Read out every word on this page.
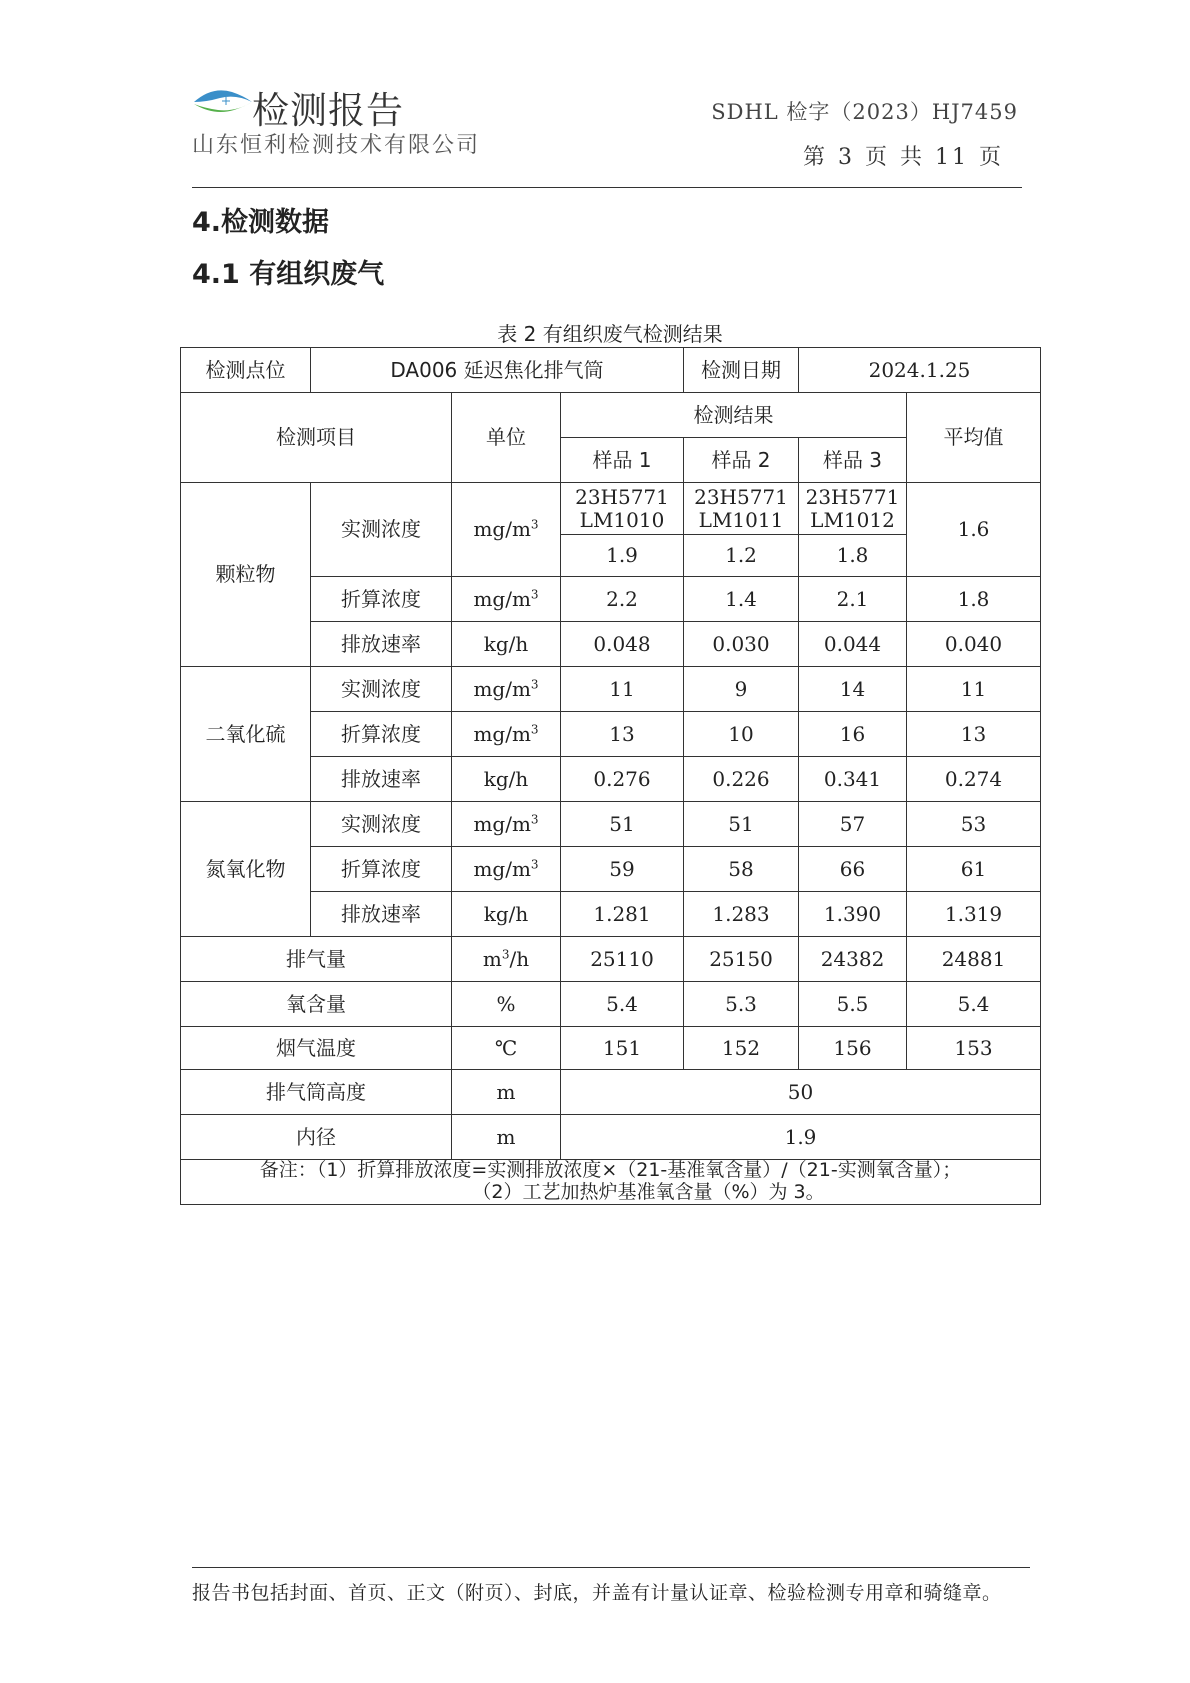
检测报告
山东恒利检测技术有限公司
SDHL 检字（2023）HJ7459
第 3 页 共 11 页
4.检测数据
4.1 有组织废气
表 2 有组织废气检测结果
检测点位	DA006 延迟焦化排气筒			检测日期	2024.1.25	
检测项目		单位	检测结果			平均值
			样品 1	样品 2	样品 3	
颗粒物	实测浓度	$mg/m^3$	23H5771 LM1010	23H5771 LM1011	23H5771 LM1012	1.6
			1.9	1.2	1.8	
	折算浓度	$mg/m^3$	2.2	1.4	2.1	1.8
	排放速率	kg/h	0.048	0.030	0.044	0.040
二氧化硫	实测浓度	$mg/m^3$	11	9	14	11
	折算浓度	$mg/m^3$	13	10	16	13
	排放速率	kg/h	0.276	0.226	0.341	0.274
氮氧化物	实测浓度	$mg/m^3$	51	51	57	53
	折算浓度	$mg/m^3$	59	58	66	61
	排放速率	kg/h	1.281	1.283	1.390	1.319
排气量		$m^3/h$	25110	25150	24382	24881
氧含量		%	5.4	5.3	5.5	5.4
烟气温度		℃	151	152	156	153
排气筒高度		m	50			
内径		m	1.9			

备注：（1）折算排放浓度=实测排放浓度×（21-基准氧含量）/（21-实测氧含量）；
（2）工艺加热炉基准氧含量（%）为 3。						
报告书包括封面、首页、正文（附页）、封底，并盖有计量认证章、检验检测专用章和骑缝章。
